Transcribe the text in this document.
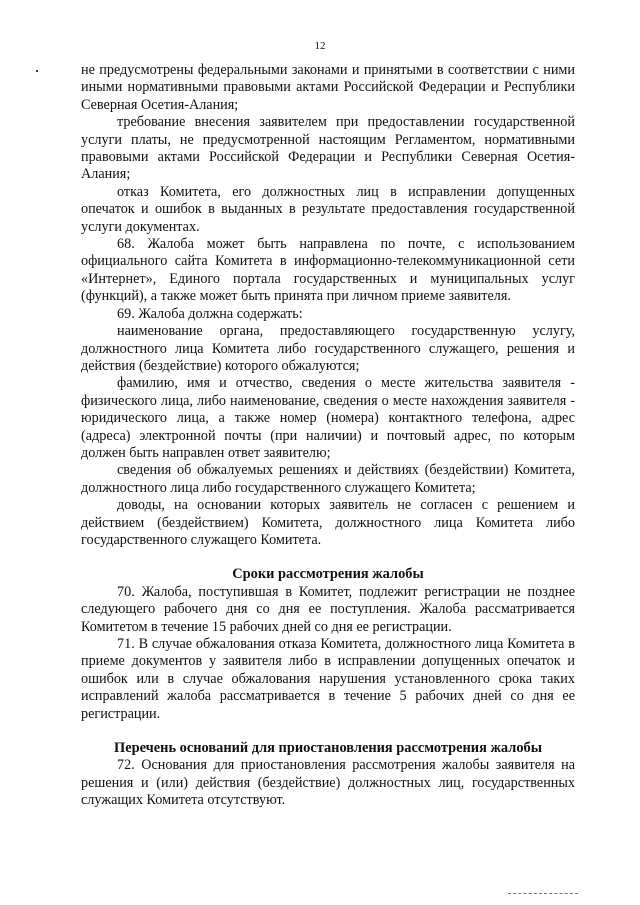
12

не предусмотрены федеральными законами и принятыми в соответствии с ними иными нормативными правовыми актами Российской Федерации и Республики Северная Осетия-Алания;

требование внесения заявителем при предоставлении государственной услуги платы, не предусмотренной настоящим Регламентом, нормативными правовыми актами Российской Федерации и Республики Северная Осетия-Алания;

отказ Комитета, его должностных лиц в исправлении допущенных опечаток и ошибок в выданных в результате предоставления государственной услуги документах.

68. Жалоба может быть направлена по почте, с использованием официального сайта Комитета в информационно-телекоммуникационной сети «Интернет», Единого портала государственных и муниципальных услуг (функций), а также может быть принята при личном приеме заявителя.

69. Жалоба должна содержать:

наименование органа, предоставляющего государственную услугу, должностного лица Комитета либо государственного служащего, решения и действия (бездействие) которого обжалуются;

фамилию, имя и отчество, сведения о месте жительства заявителя - физического лица, либо наименование, сведения о месте нахождения заявителя - юридического лица, а также номер (номера) контактного телефона, адрес (адреса) электронной почты (при наличии) и почтовый адрес, по которым должен быть направлен ответ заявителю;

сведения об обжалуемых решениях и действиях (бездействии) Комитета, должностного лица либо государственного служащего Комитета;

доводы, на основании которых заявитель не согласен с решением и действием (бездействием) Комитета, должностного лица Комитета либо государственного служащего Комитета.

Сроки рассмотрения жалобы

70. Жалоба, поступившая в Комитет, подлежит регистрации не позднее следующего рабочего дня со дня ее поступления. Жалоба рассматривается Комитетом в течение 15 рабочих дней со дня ее регистрации.

71. В случае обжалования отказа Комитета, должностного лица Комитета в приеме документов у заявителя либо в исправлении допущенных опечаток и ошибок или в случае обжалования нарушения установленного срока таких исправлений жалоба рассматривается в течение 5 рабочих дней со дня ее регистрации.

Перечень оснований для приостановления рассмотрения жалобы

72. Основания для приостановления рассмотрения жалобы заявителя на решения и (или) действия (бездействие) должностных лиц, государственных служащих Комитета отсутствуют.
